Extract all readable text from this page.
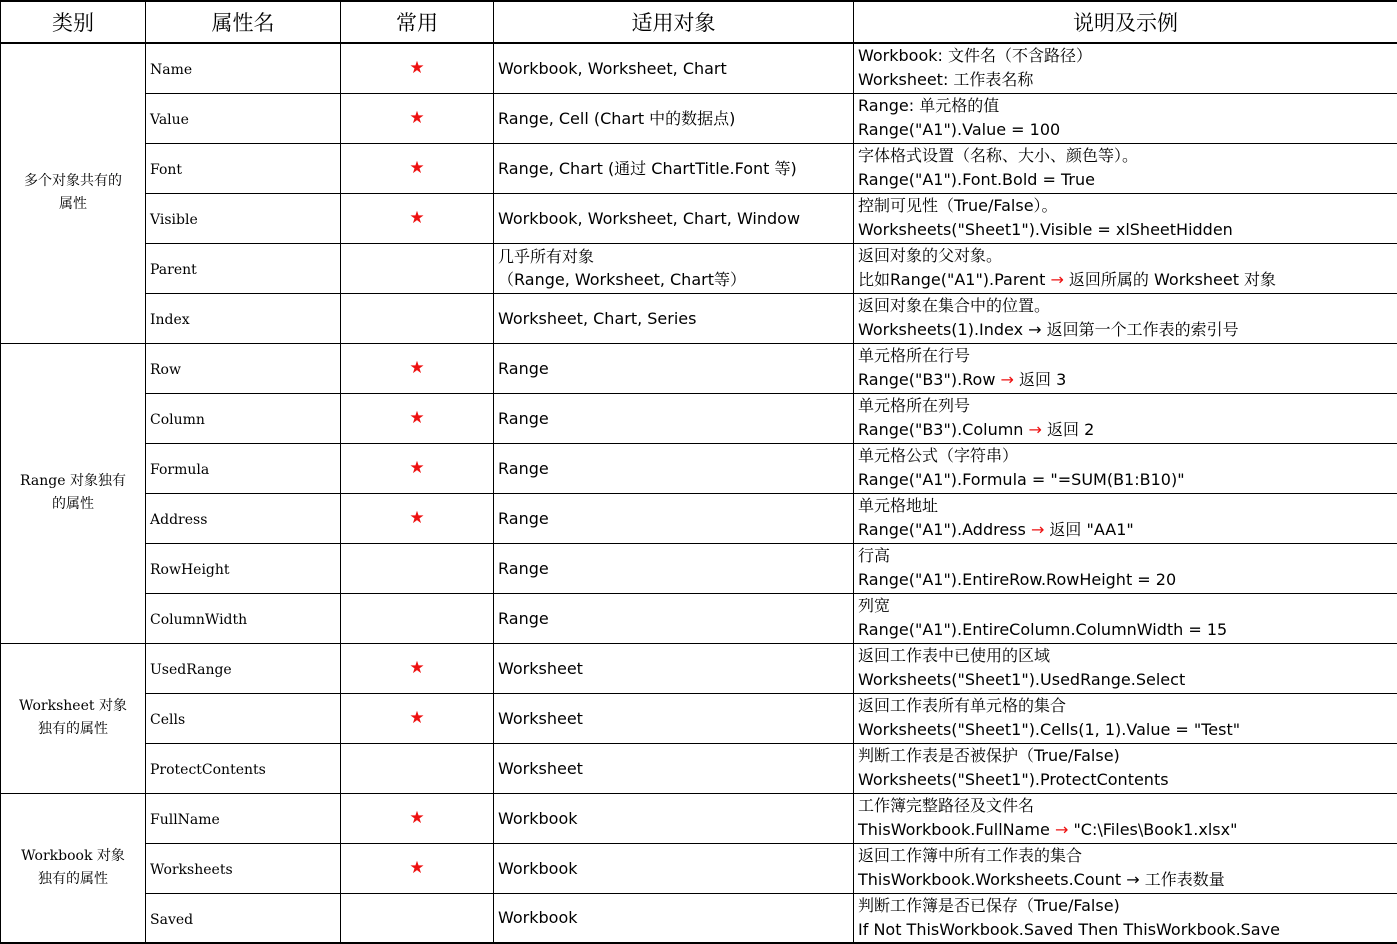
类别	属性名	常用	适用对象	说明及示例

多个对象共有的
属性	Name	★	Workbook, Worksheet, Chart	Workbook: 文件名（不含路径）
Worksheet: 工作表名称

	Value	★	Range, Cell (Chart 中的数据点)	Range: 单元格的值
Range("A1").Value = 100

	Font	★	Range, Chart (通过 ChartTitle.Font 等)	字体格式设置（名称、大小、颜色等）。
Range("A1").Font.Bold = True

	Visible	★	Workbook, Worksheet, Chart, Window	控制可见性（True/False）。
Worksheets("Sheet1").Visible = xlSheetHidden

	Parent		几乎所有对象
（Range, Worksheet, Chart等）	返回对象的父对象。
比如Range("A1").Parent → 返回所属的 Worksheet 对象

	Index		Worksheet, Chart, Series	返回对象在集合中的位置。
Worksheets(1).Index → 返回第一个工作表的索引号

Range 对象独有
的属性	Row	★	Range	单元格所在行号
Range("B3").Row → 返回 3

	Column	★	Range	单元格所在列号
Range("B3").Column → 返回 2

	Formula	★	Range	单元格公式（字符串）
Range("A1").Formula = "=SUM(B1:B10)"

	Address	★	Range	单元格地址
Range("A1").Address → 返回 "AA1"

	RowHeight		Range	行高
Range("A1").EntireRow.RowHeight = 20

	ColumnWidth		Range	列宽
Range("A1").EntireColumn.ColumnWidth = 15

Worksheet 对象
独有的属性	UsedRange	★	Worksheet	返回工作表中已使用的区域
Worksheets("Sheet1").UsedRange.Select

	Cells	★	Worksheet	返回工作表所有单元格的集合
Worksheets("Sheet1").Cells(1, 1).Value = "Test"

	ProtectContents		Worksheet	判断工作表是否被保护（True/False)
Worksheets("Sheet1").ProtectContents

Workbook 对象
独有的属性	FullName	★	Workbook	工作簿完整路径及文件名
ThisWorkbook.FullName → "C:\Files\Book1.xlsx"

	Worksheets	★	Workbook	返回工作簿中所有工作表的集合
ThisWorkbook.Worksheets.Count → 工作表数量

	Saved		Workbook	判断工作簿是否已保存（True/False)
If Not ThisWorkbook.Saved Then ThisWorkbook.Save
